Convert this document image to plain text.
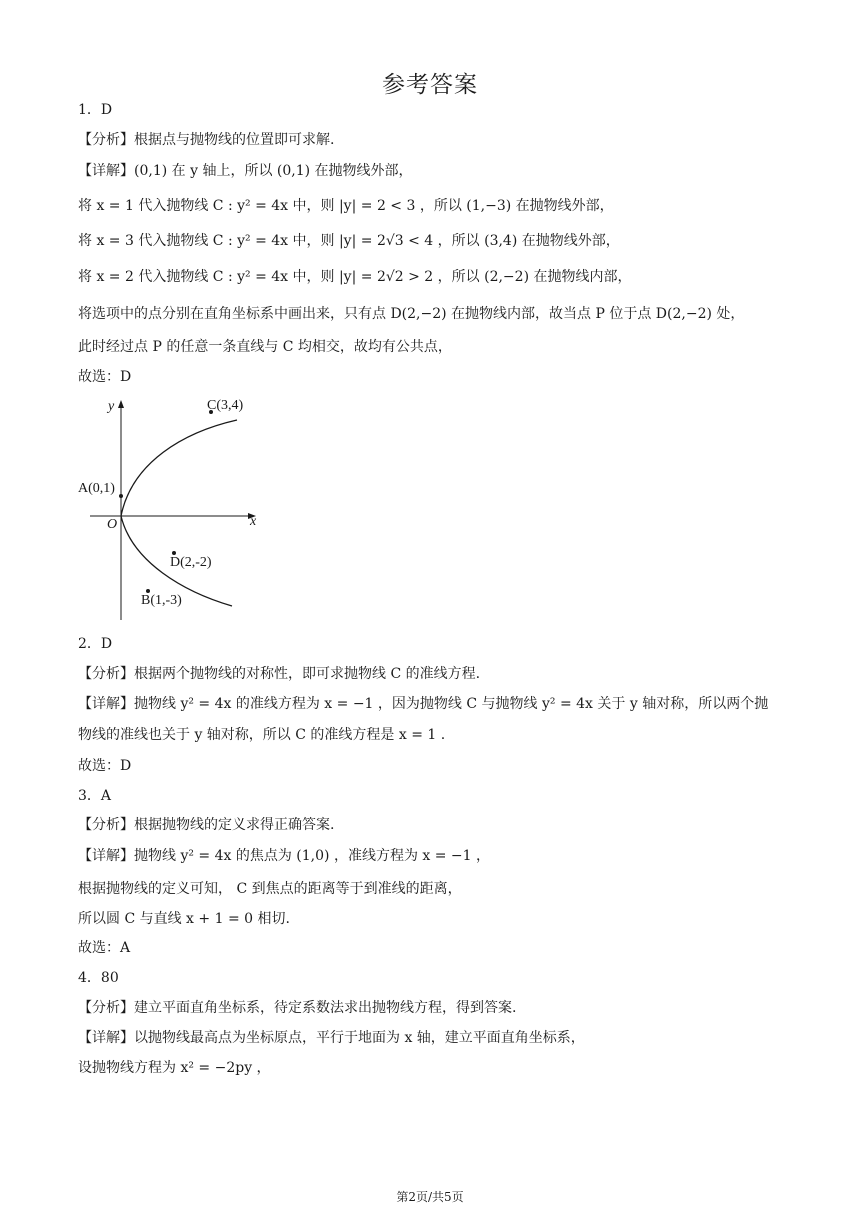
参考答案
1．D
【分析】根据点与抛物线的位置即可求解.
【详解】(0,1) 在 y 轴上，所以 (0,1) 在抛物线外部，
将 x = 1 代入抛物线 C : y² = 4x 中，则 |y| = 2 < 3 ，所以 (1,−3) 在抛物线外部，
将 x = 3 代入抛物线 C : y² = 4x 中，则 |y| = 2√3 < 4 ，所以 (3,4) 在抛物线外部，
将 x = 2 代入抛物线 C : y² = 4x 中，则 |y| = 2√2 > 2 ，所以 (2,−2) 在抛物线内部，
将选项中的点分别在直角坐标系中画出来，只有点 D(2,−2) 在抛物线内部，故当点 P 位于点 D(2,−2) 处，
此时经过点 P 的任意一条直线与 C 均相交，故均有公共点，
故选：D
y
x
O
C(3,4)
A(0,1)
D(2,-2)
B(1,-3)
2．D
【分析】根据两个抛物线的对称性，即可求抛物线 C 的准线方程.
【详解】抛物线 y² = 4x 的准线方程为 x = −1 ，因为抛物线 C 与抛物线 y² = 4x 关于 y 轴对称，所以两个抛
物线的准线也关于 y 轴对称，所以 C 的准线方程是 x = 1 .
故选：D
3．A
【分析】根据抛物线的定义求得正确答案.
【详解】抛物线 y² = 4x 的焦点为 (1,0) ，准线方程为 x = −1 ，
根据抛物线的定义可知， C 到焦点的距离等于到准线的距离，
所以圆 C 与直线 x + 1 = 0 相切.
故选：A
4．80
【分析】建立平面直角坐标系，待定系数法求出抛物线方程，得到答案.
【详解】以抛物线最高点为坐标原点，平行于地面为 x 轴，建立平面直角坐标系，
设抛物线方程为 x² = −2py ，
第2页/共5页
